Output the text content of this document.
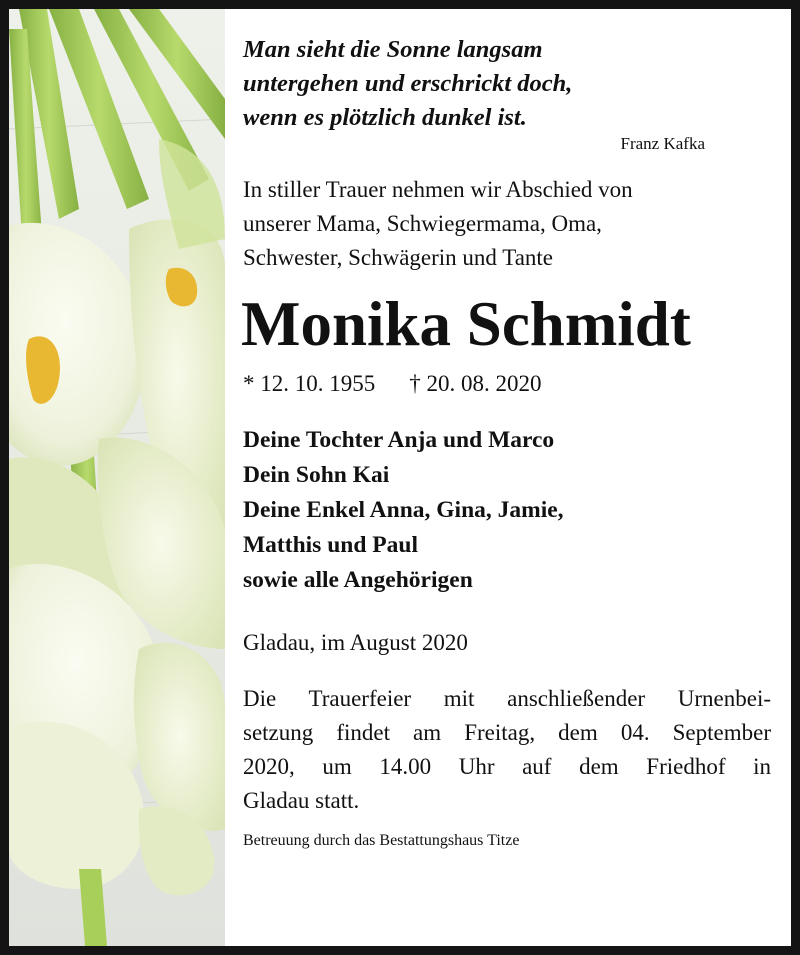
Man sieht die Sonne langsam
untergehen und erschrickt doch,
wenn es plötzlich dunkel ist.
Franz Kafka
In stiller Trauer nehmen wir Abschied von
unserer Mama, Schwiegermama, Oma,
Schwester, Schwägerin und Tante
Monika Schmidt
* 12. 10. 1955 † 20. 08. 2020
Deine Tochter Anja und Marco
Dein Sohn Kai
Deine Enkel Anna, Gina, Jamie,
Matthis und Paul
sowie alle Angehörigen
Gladau, im August 2020
Die Trauerfeier mit anschließender Urnenbei-
setzung findet am Freitag, dem 04. September
2020, um 14.00 Uhr auf dem Friedhof in
Gladau statt.
Betreuung durch das Bestattungshaus Titze
